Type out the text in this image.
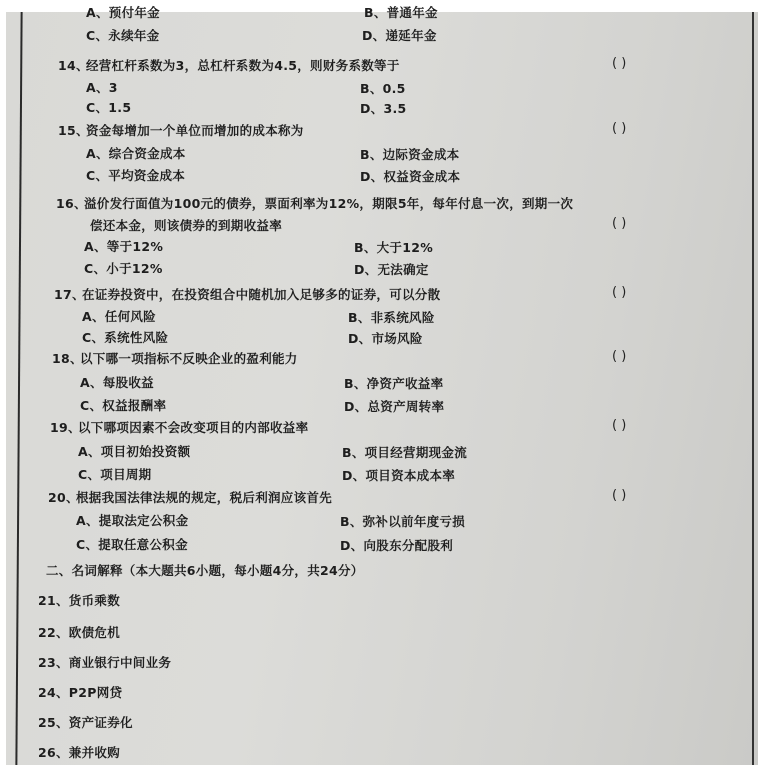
A、预付年金	B、普通年金
C、永续年金	D、递延年金
14、
经营杠杆系数为3，总杠杆系数为4.5，则财务系数等于	( )
A、3	B、0.5
C、1.5	D、3.5
15、
资金每增加一个单位而增加的成本称为	( )
A、综合资金成本	B、边际资金成本
C、平均资金成本	D、权益资金成本
16、
溢价发行面值为100元的债券，票面利率为12%，期限5年，每年付息一次，到期一次
偿还本金，则该债券的到期收益率	( )
A、等于12%	B、大于12%
C、小于12%	D、无法确定
17、
在证券投资中，在投资组合中随机加入足够多的证券，可以分散	( )
A、任何风险	B、非系统风险
C、系统性风险	D、市场风险
18、
以下哪一项指标不反映企业的盈利能力	( )
A、每股收益	B、净资产收益率
C、权益报酬率	D、总资产周转率
19、
以下哪项因素不会改变项目的内部收益率	( )
A、项目初始投资额	B、项目经营期现金流
C、项目周期	D、项目资本成本率
20、
根据我国法律法规的规定，税后利润应该首先	( )
A、提取法定公积金	B、弥补以前年度亏损
C、提取任意公积金	D、向股东分配股利
二、名词解释（本大题共6小题，每小题4分，共24分）
21、货币乘数
22、欧债危机
23、商业银行中间业务
24、P2P网贷
25、资产证券化
26、兼并收购
